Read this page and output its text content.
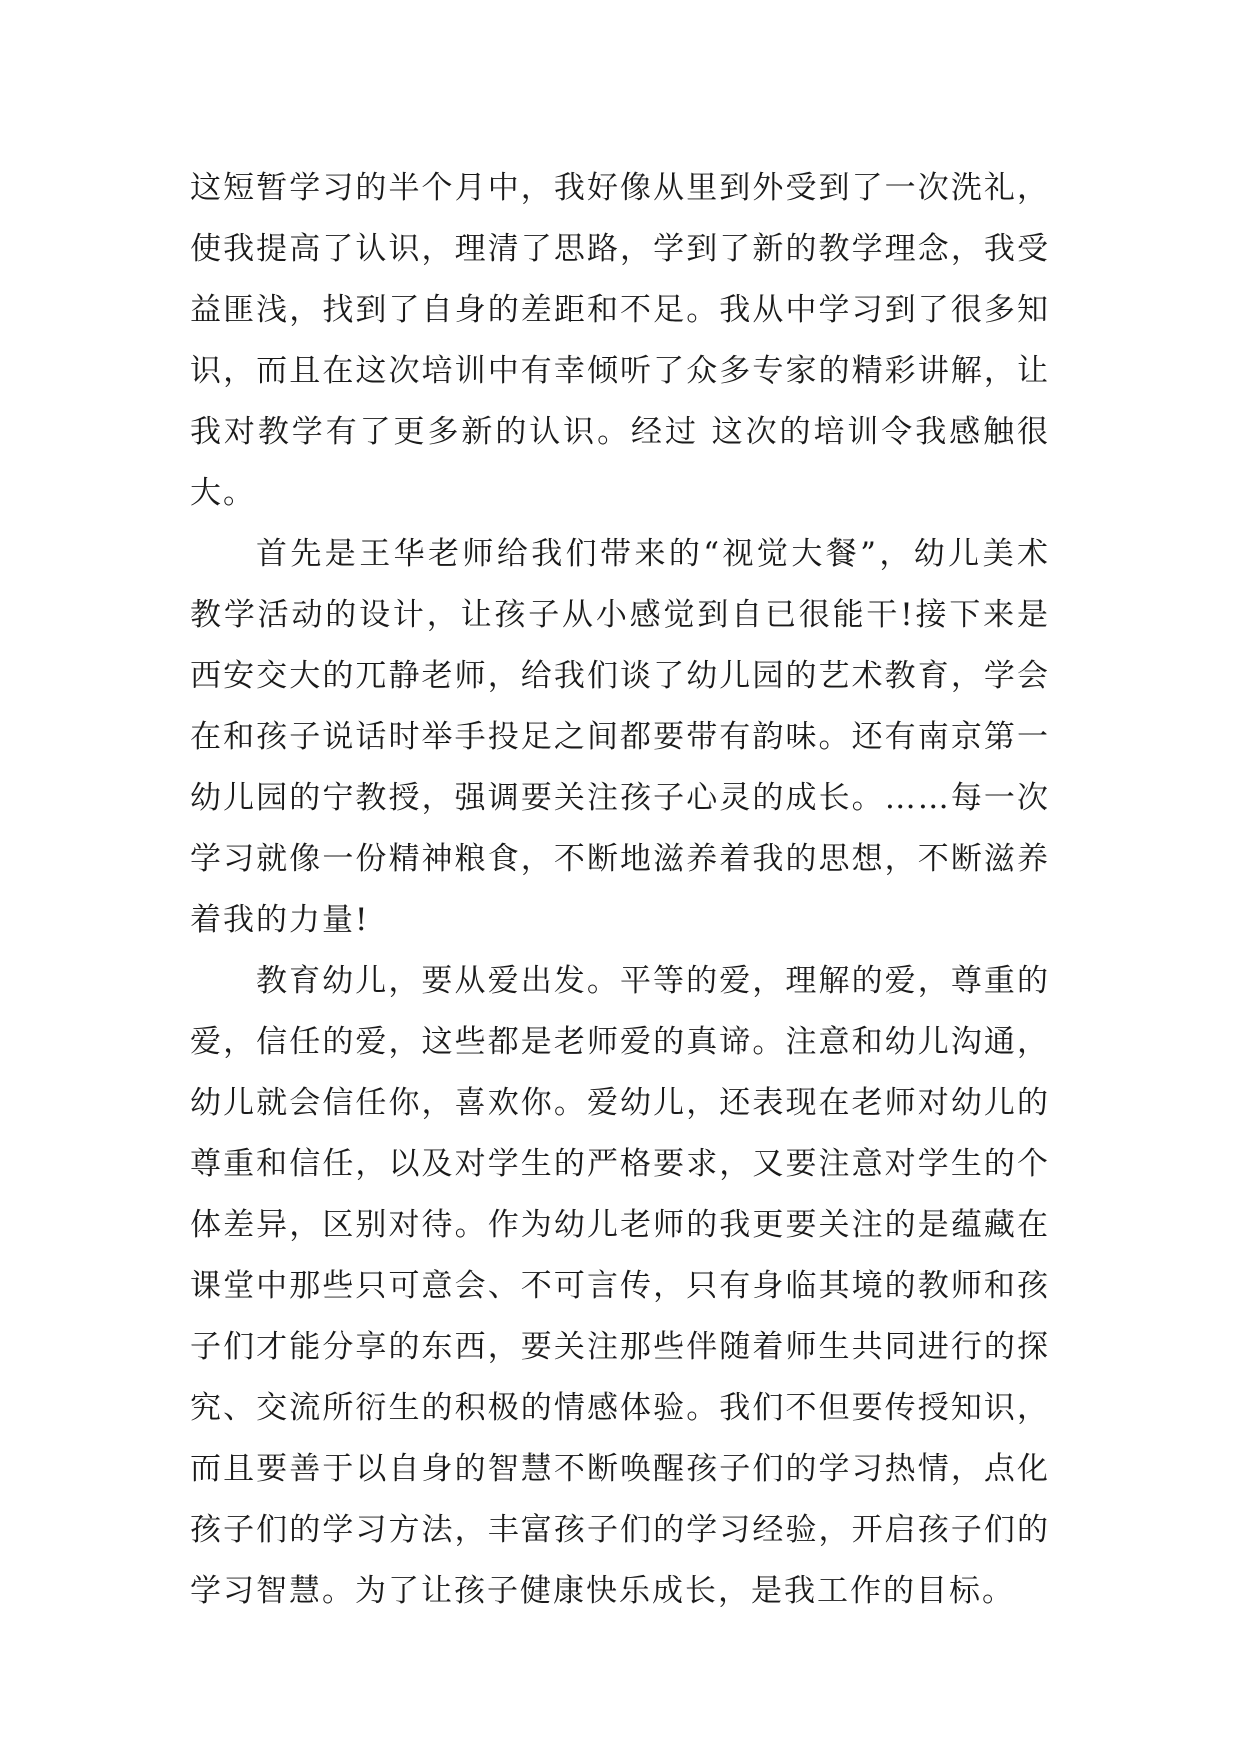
这短暂学习的半个月中，我好像从里到外受到了一次洗礼，使我提高了认识，理清了思路，学到了新的教学理念，我受益匪浅，找到了自身的差距和不足。我从中学习到了很多知识，而且在这次培训中有幸倾听了众多专家的精彩讲解，让我对教学有了更多新的认识。经过 这次的培训令我感触很大。

首先是王华老师给我们带来的“视觉大餐”，幼儿美术教学活动的设计，让孩子从小感觉到自已很能干!接下来是西安交大的兀静老师，给我们谈了幼儿园的艺术教育，学会在和孩子说话时举手投足之间都要带有韵味。还有南京第一幼儿园的宁教授，强调要关注孩子心灵的成长。……每一次学习就像一份精神粮食，不断地滋养着我的思想，不断滋养着我的力量!

教育幼儿，要从爱出发。平等的爱，理解的爱，尊重的爱，信任的爱，这些都是老师爱的真谛。注意和幼儿沟通，幼儿就会信任你，喜欢你。爱幼儿，还表现在老师对幼儿的尊重和信任，以及对学生的严格要求，又要注意对学生的个体差异，区别对待。作为幼儿老师的我更要关注的是蕴藏在课堂中那些只可意会、不可言传，只有身临其境的教师和孩子们才能分享的东西，要关注那些伴随着师生共同进行的探究、交流所衍生的积极的情感体验。我们不但要传授知识，而且要善于以自身的智慧不断唤醒孩子们的学习热情，点化孩子们的学习方法，丰富孩子们的学习经验，开启孩子们的学习智慧。为了让孩子健康快乐成长，是我工作的目标。
